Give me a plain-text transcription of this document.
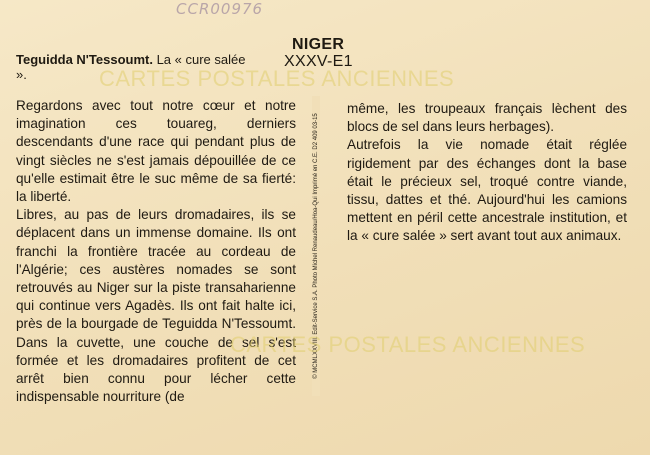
CCR00976
Teguidda N'Tessoumt. La « cure salée ».
NIGER
XXXV-E1

Regardons avec tout notre cœur et notre imagination ces touareg, derniers descendants d'une race qui pendant plus de vingt siècles ne s'est jamais dépouillée de ce qu'elle estimait être le suc même de sa fierté: la liberté.

Libres, au pas de leurs dromadaires, ils se déplacent dans un immense domaine. Ils ont franchi la frontière tracée au cordeau de l'Algérie; ces austères nomades se sont retrouvés au Niger sur la piste transaharienne qui continue vers Agadès. Ils ont fait halte ici, près de la bourgade de Teguidda N'Tessoumt. Dans la cuvette, une couche de sel s'est formée et les dromadaires profitent de cet arrêt bien connu pour lécher cette indispensable nourriture (de

© MCMLXXVIII. Edit-Service S.A. Photo Michel Renaudeau/Hoa-Qui Imprimé en C.E. D2 409 03-15

même, les troupeaux français lèchent des blocs de sel dans leurs herbages).

Autrefois la vie nomade était réglée rigidement par des échanges dont la base était le précieux sel, troqué contre viande, tissu, dattes et thé. Aujourd'hui les camions mettent en péril cette ancestrale institution, et la « cure salée » sert avant tout aux animaux.

CARTES POSTALES ANCIENNES
CARTES POSTALES ANCIENNES
